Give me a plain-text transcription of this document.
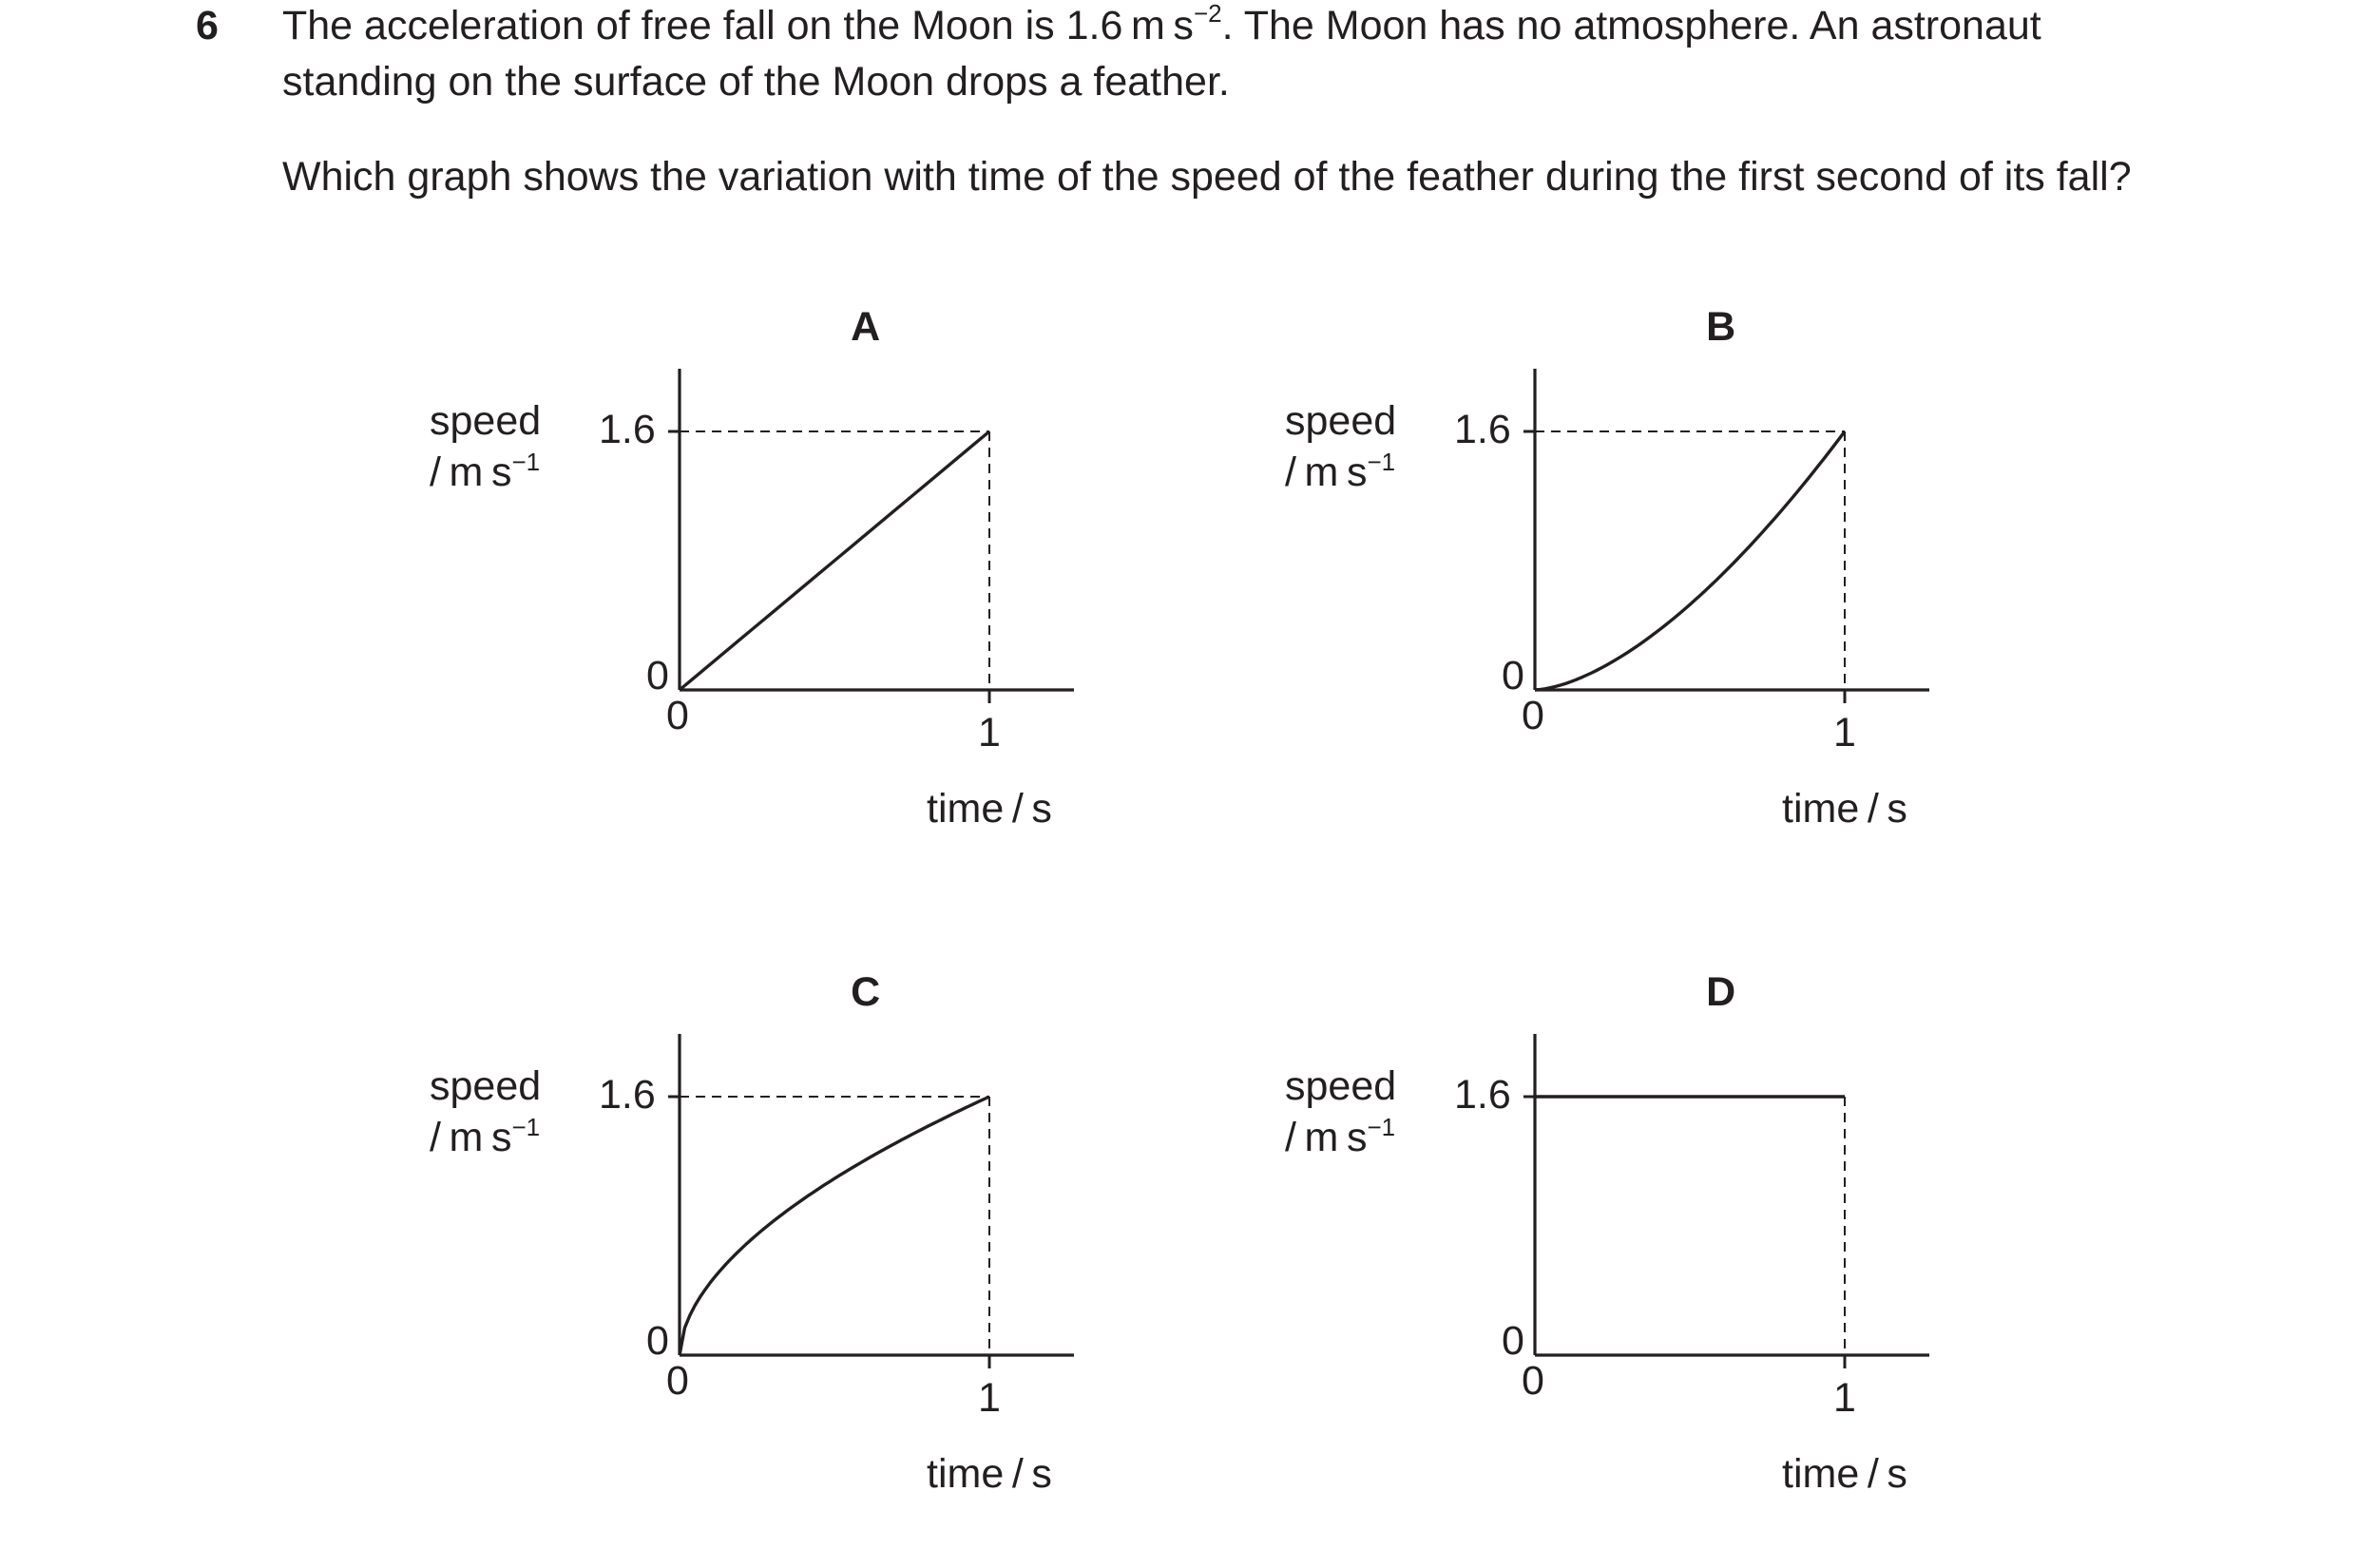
6 The acceleration of free fall on the Moon is 1.6 m $s^{-2}$. The Moon has no atmosphere. An astronaut
standing on the surface of the Moon drops a feather.
Which graph shows the variation with time of the speed of the feather during the first second of its fall?
A
speed
/ m $s^{-1}$
1.6
0
0	1
time / s
B
speed
/ m $s^{-1}$
1.6
0
0	1
time / s
C
speed
/ m $s^{-1}$
1.6
0
0	1
time / s
D
speed
/ m $s^{-1}$
1.6
0
0	1
time / s
